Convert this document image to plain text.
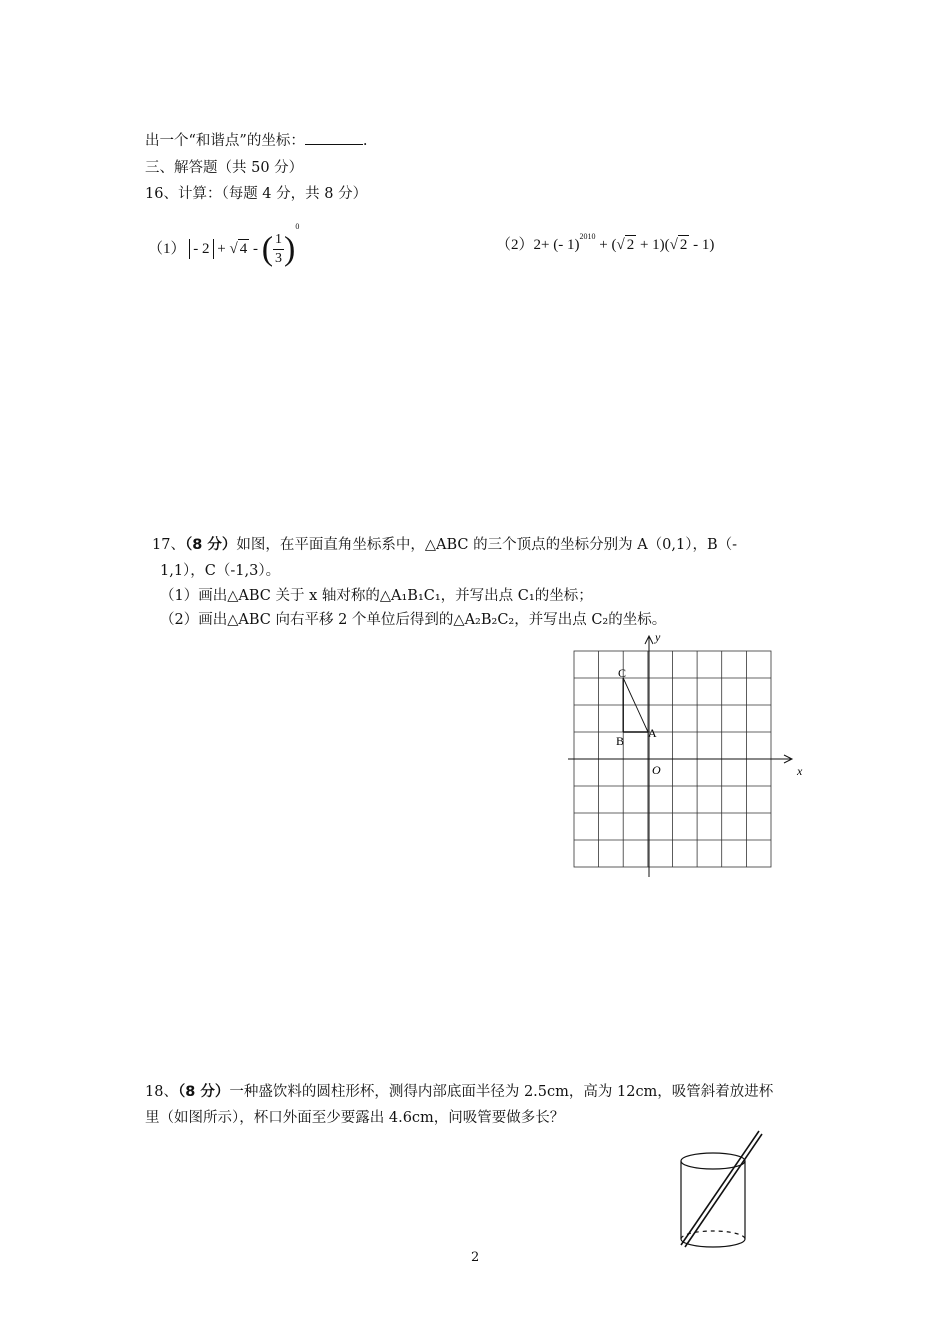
出一个“和谐点”的坐标：	.
三、解答题（共 50 分）
16、计算：（每题 4 分，共 8 分）
（1） - 2 + √ 4 - ( $\frac{1}{3} )^0$
（2）2+ (- 1)$^{2010}$ + (√ 2 + 1)(√ 2 - 1)
17、（8 分）如图，在平面直角坐标系中，△ABC 的三个顶点的坐标分别为 A（0,1），B（-
1,1），C（-1,3）。
（1）画出△ABC 关于 x 轴对称的△A₁B₁C₁，并写出点 C₁的坐标；
（2）画出△ABC 向右平移 2 个单位后得到的△A₂B₂C₂，并写出点 C₂的坐标。
x
y
O
C
B
A
18、（8 分）一种盛饮料的圆柱形杯，测得内部底面半径为 2.5cm，高为 12cm，吸管斜着放进杯
里（如图所示），杯口外面至少要露出 4.6cm，问吸管要做多长？
2
